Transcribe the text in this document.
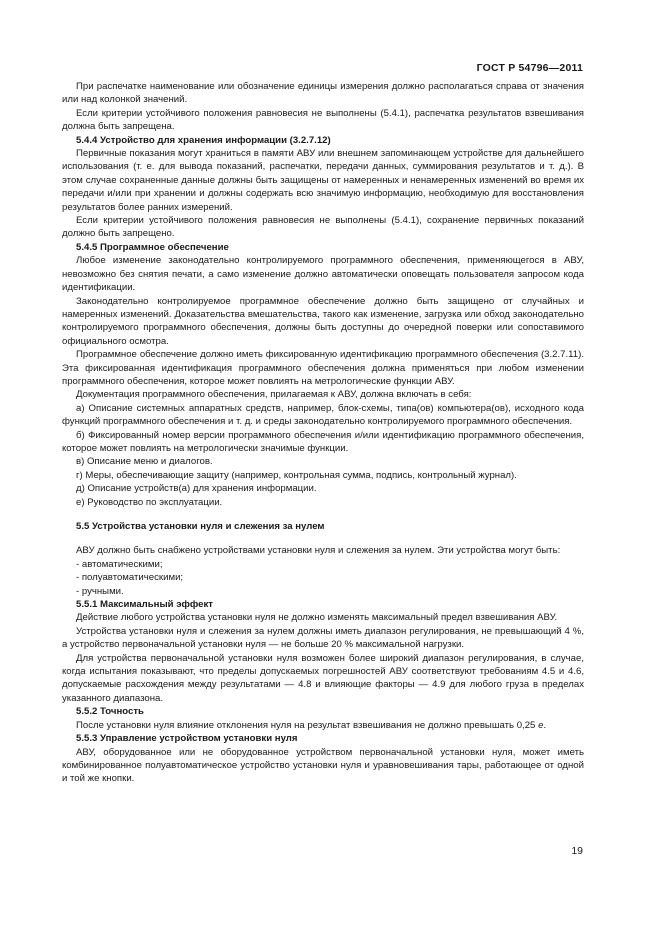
ГОСТ Р 54796—2011

При распечатке наименование или обозначение единицы измерения должно располагаться справа от значения или над колонкой значений.

Если критерии устойчивого положения равновесия не выполнены (5.4.1), распечатка результатов взвешивания должна быть запрещена.

5.4.4 Устройство для хранения информации (3.2.7.12)

Первичные показания могут храниться в памяти АВУ или внешнем запоминающем устройстве для дальнейшего использования (т. е. для вывода показаний, распечатки, передачи данных, суммирования результатов и т. д.). В этом случае сохраненные данные должны быть защищены от намеренных и ненамеренных изменений во время их передачи и/или при хранении и должны содержать всю значимую информацию, необходимую для восстановления результатов более ранних измерений.

Если критерии устойчивого положения равновесия не выполнены (5.4.1), сохранение первичных показаний должно быть запрещено.

5.4.5 Программное обеспечение

Любое изменение законодательно контролируемого программного обеспечения, применяющегося в АВУ, невозможно без снятия печати, а само изменение должно автоматически оповещать пользователя запросом кода идентификации.

Законодательно контролируемое программное обеспечение должно быть защищено от случайных и намеренных изменений. Доказательства вмешательства, такого как изменение, загрузка или обход законодательно контролируемого программного обеспечения, должны быть доступны до очередной поверки или сопоставимого официального осмотра.

Программное обеспечение должно иметь фиксированную идентификацию программного обеспечения (3.2.7.11). Эта фиксированная идентификация программного обеспечения должна применяться при любом изменении программного обеспечения, которое может повлиять на метрологические функции АВУ.

Документация программного обеспечения, прилагаемая к АВУ, должна включать в себя:

а) Описание системных аппаратных средств, например, блок-схемы, типа(ов) компьютера(ов), исходного кода функций программного обеспечения и т. д. и среды законодательно контролируемого программного обеспечения.

б) Фиксированный номер версии программного обеспечения и/или идентификацию программного обеспечения, которое может повлиять на метрологически значимые функции.

в) Описание меню и диалогов.

г) Меры, обеспечивающие защиту (например, контрольная сумма, подпись, контрольный журнал).

д) Описание устройств(а) для хранения информации.

е) Руководство по эксплуатации.

5.5 Устройства установки нуля и слежения за нулем

АВУ должно быть снабжено устройствами установки нуля и слежения за нулем. Эти устройства могут быть:

- автоматическими;

- полуавтоматическими;

- ручными.

5.5.1 Максимальный эффект

Действие любого устройства установки нуля не должно изменять максимальный предел взвешивания АВУ.

Устройства установки нуля и слежения за нулем должны иметь диапазон регулирования, не превышающий 4 %, а устройство первоначальной установки нуля — не больше 20 % максимальной нагрузки.

Для устройства первоначальной установки нуля возможен более широкий диапазон регулирования, в случае, когда испытания показывают, что пределы допускаемых погрешностей АВУ соответствуют требованиям 4.5 и 4.6, допускаемые расхождения между результатами — 4.8 и влияющие факторы — 4.9 для любого груза в пределах указанного диапазона.

5.5.2 Точность

После установки нуля влияние отклонения нуля на результат взвешивания не должно превышать 0,25 e.

5.5.3 Управление устройством установки нуля

АВУ, оборудованное или не оборудованное устройством первоначальной установки нуля, может иметь комбинированное полуавтоматическое устройство установки нуля и уравновешивания тары, работающее от одной и той же кнопки.

19
